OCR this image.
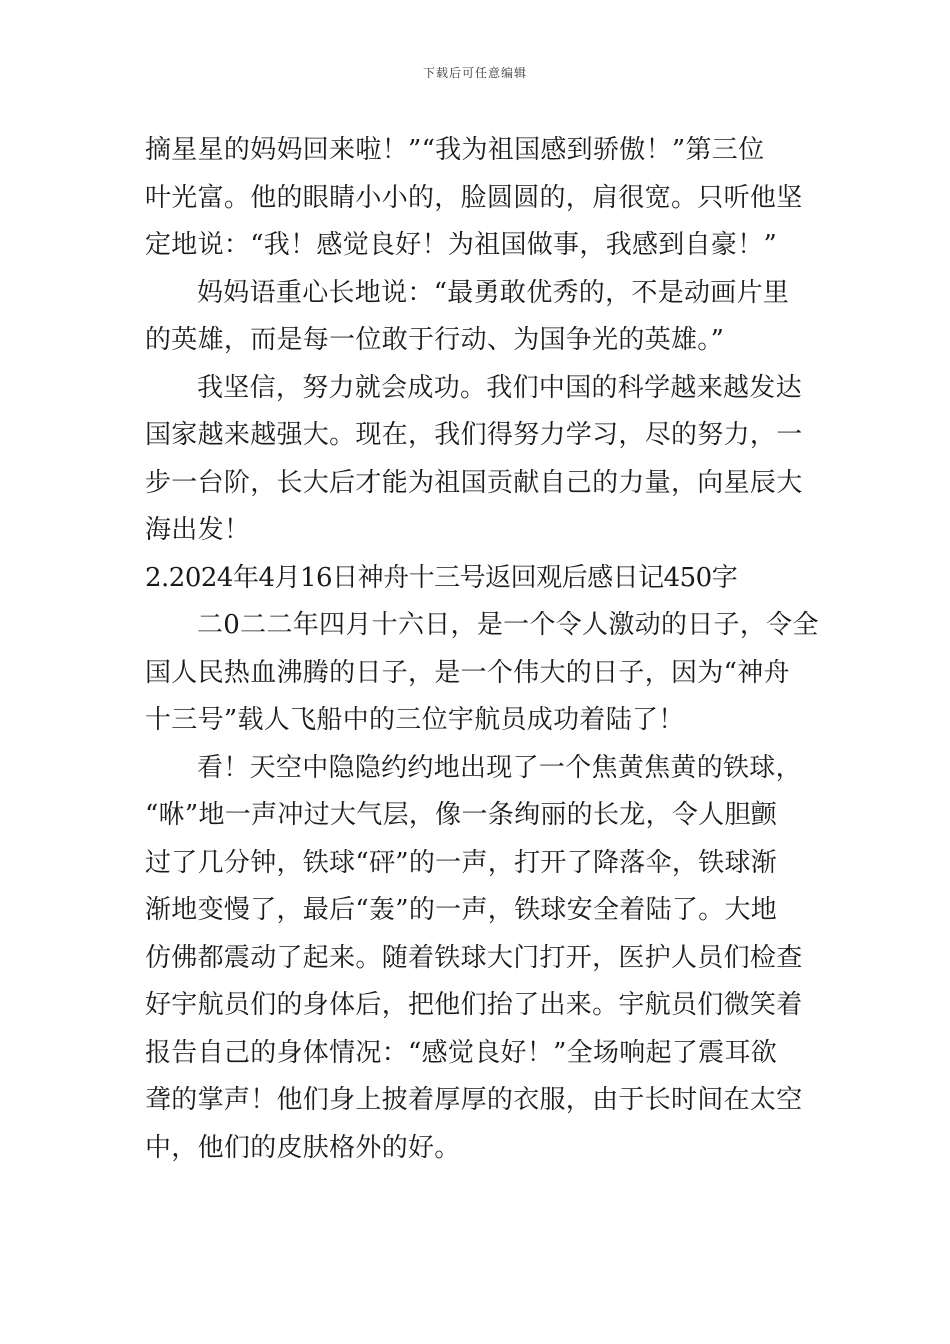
下载后可任意编辑

摘星星的妈妈回来啦！”“我为祖国感到骄傲！”第三位
叶光富。他的眼睛小小的，脸圆圆的，肩很宽。只听他坚
定地说：“我！感觉良好！为祖国做事，我感到自豪！”

妈妈语重心长地说：“最勇敢优秀的，不是动画片里
的英雄，而是每一位敢于行动、为国争光的英雄。”

我坚信，努力就会成功。我们中国的科学越来越发达
国家越来越强大。现在，我们得努力学习，尽的努力，一
步一台阶，长大后才能为祖国贡献自己的力量，向星辰大
海出发！

2.2024年4月16日神舟十三号返回观后感日记450字

二0二二年四月十六日，是一个令人激动的日子，令全
国人民热血沸腾的日子，是一个伟大的日子，因为“神舟
十三号”载人飞船中的三位宇航员成功着陆了！

看！天空中隐隐约约地出现了一个焦黄焦黄的铁球，
“咻”地一声冲过大气层，像一条绚丽的长龙，令人胆颤
过了几分钟，铁球“砰”的一声，打开了降落伞，铁球渐
渐地变慢了，最后“轰”的一声，铁球安全着陆了。大地
仿佛都震动了起来。随着铁球大门打开，医护人员们检查
好宇航员们的身体后，把他们抬了出来。宇航员们微笑着
报告自己的身体情况：“感觉良好！”全场响起了震耳欲
聋的掌声！他们身上披着厚厚的衣服，由于长时间在太空
中，他们的皮肤格外的好。
